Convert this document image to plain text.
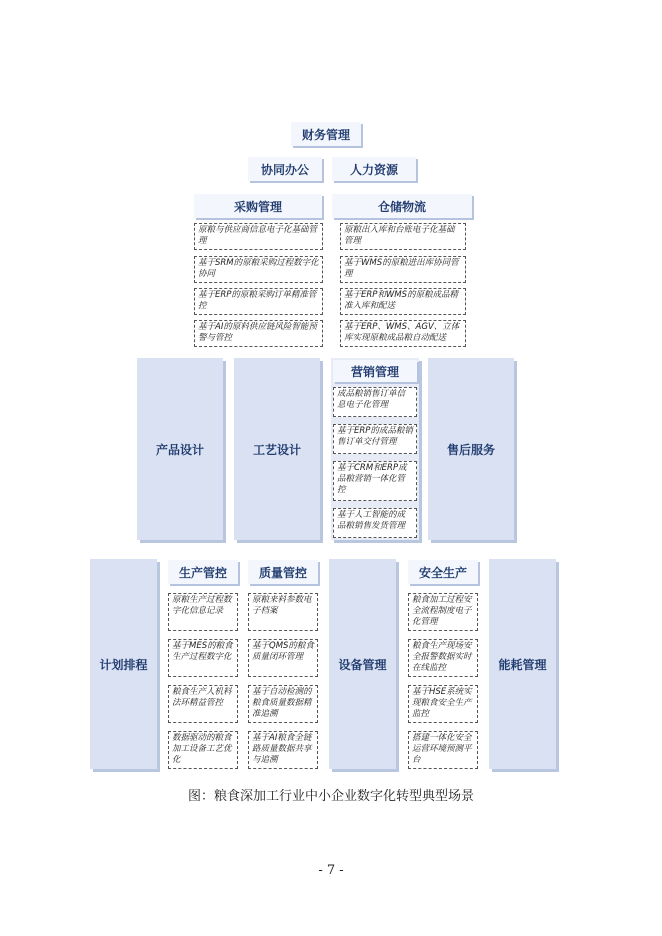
财务管理
协同办公	人力资源
采购管理
原粮与供应商信息电子化基础管理
基于SRM的原粮采购过程数字化协同
基于ERP的原粮采购订单精准管控
基于AI的原料供应链风险智能预警与管控
仓储物流
原粮出入库和台账电子化基础管理
基于WMS的原粮进出库协同管理
基于ERP和WMS的原粮成品精准入库和配送
基于ERP、WMS、AGV、立体库实现原粮成品粮自动配送
产品设计	工艺设计	售后服务
营销管理
成品粮销售订单信息电子化管理
基于ERP的成品粮销售订单交付管理
基于CRM和ERP成品粮营销一体化管控
基于人工智能的成品粮销售发货管理
计划排程	设备管理	能耗管理
生产管控
原粮生产过程数字化信息记录
基于MES的粮食生产过程数字化
粮食生产人机料法环精益管控
数据驱动的粮食加工设备工艺优化
质量管控
原粮来料参数电子档案
基于QMS的粮食质量闭环管理
基于自动检测的粮食质量数据精准追溯
基于AI粮食全链路质量数据共享与追溯
安全生产
粮食加工过程安全流程制度电子化管理
粮食生产现场安全报警数据实时在线监控
基于HSE系统实现粮食安全生产监控
搭建一体化安全运营环境预测平台
图：粮食深加工行业中小企业数字化转型典型场景
- 7 -
